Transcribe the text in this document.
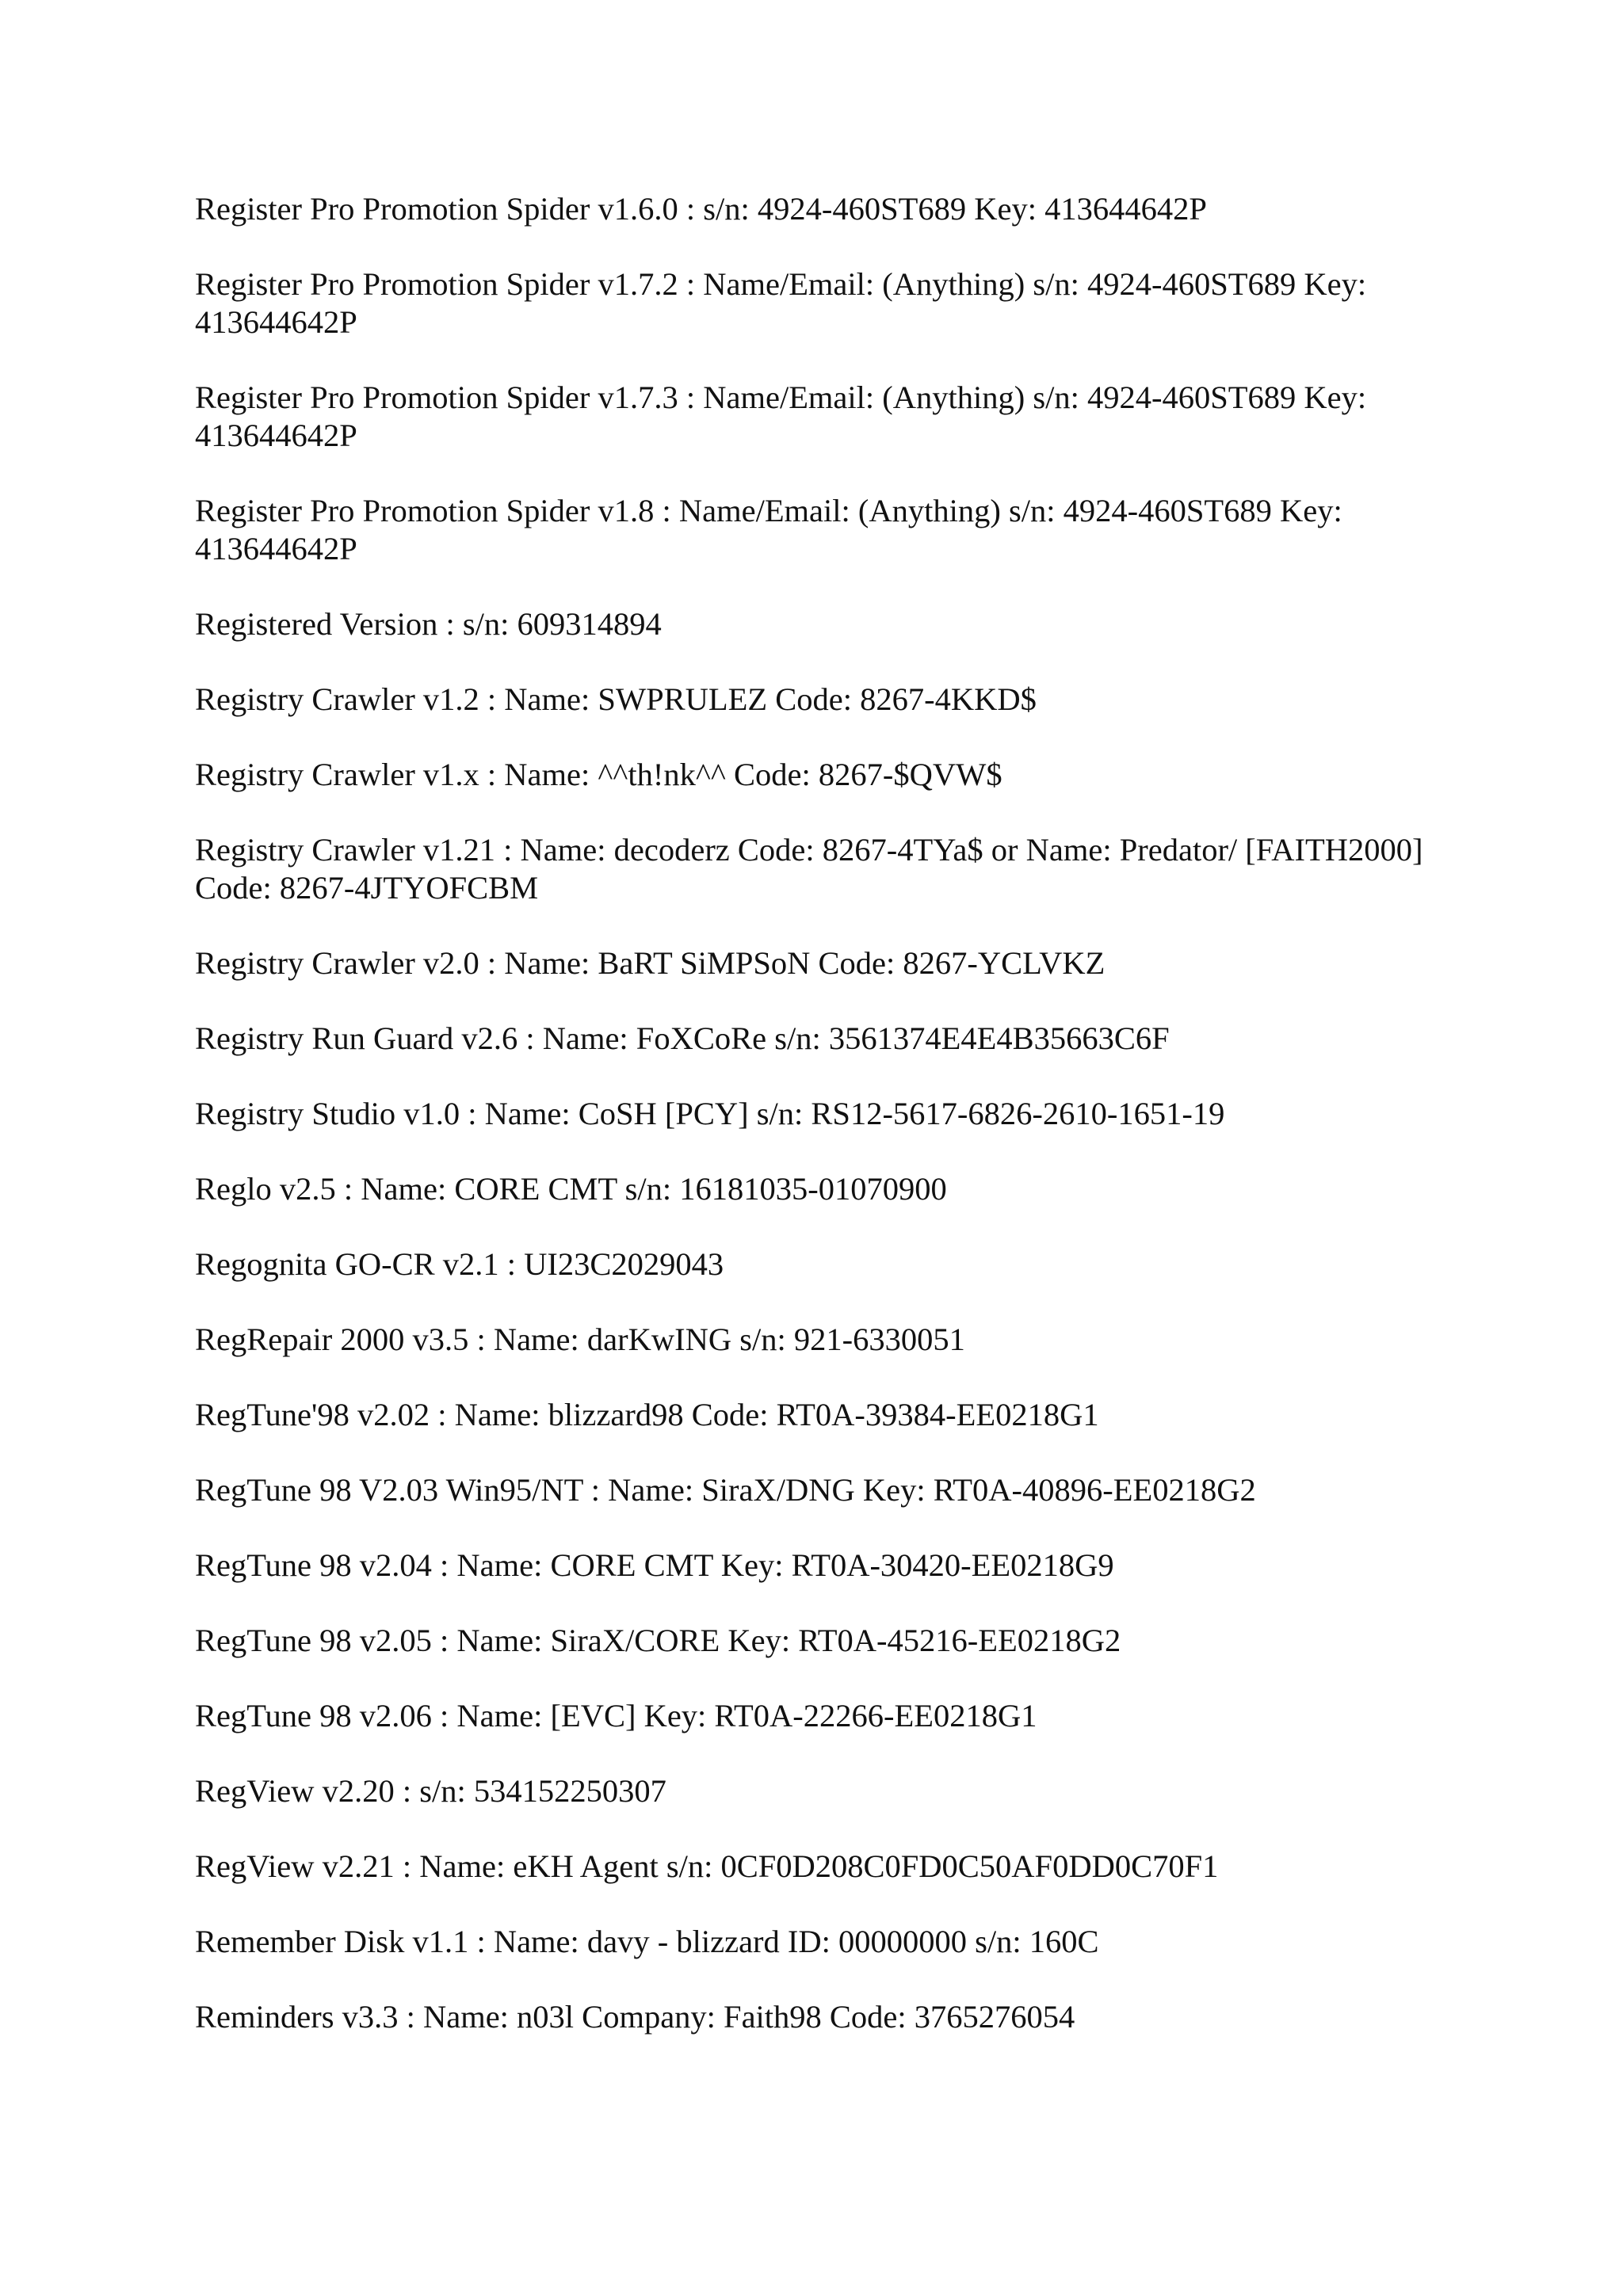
Register Pro Promotion Spider v1.6.0 : s/n: 4924-460ST689 Key: 413644642P

Register Pro Promotion Spider v1.7.2 : Name/Email: (Anything) s/n: 4924-460ST689 Key: 413644642P

Register Pro Promotion Spider v1.7.3 : Name/Email: (Anything) s/n: 4924-460ST689 Key: 413644642P

Register Pro Promotion Spider v1.8 : Name/Email: (Anything) s/n: 4924-460ST689 Key: 413644642P

Registered Version : s/n: 609314894

Registry Crawler v1.2 : Name: SWPRULEZ Code: 8267-4KKD$

Registry Crawler v1.x : Name: ^^th!nk^^ Code: 8267-$QVW$

Registry Crawler v1.21 : Name: decoderz Code: 8267-4TYa$ or Name: Predator/ [FAITH2000] Code: 8267-4JTYOFCBM

Registry Crawler v2.0 : Name: BaRT SiMPSoN Code: 8267-YCLVKZ

Registry Run Guard v2.6 : Name: FoXCoRe s/n: 3561374E4E4B35663C6F

Registry Studio v1.0 : Name: CoSH [PCY] s/n: RS12-5617-6826-2610-1651-19

Reglo v2.5 : Name: CORE CMT s/n: 16181035-01070900

Regognita GO-CR v2.1 : UI23C2029043

RegRepair 2000 v3.5 : Name: darKwING s/n: 921-6330051

RegTune'98 v2.02 : Name: blizzard98 Code: RT0A-39384-EE0218G1

RegTune 98 V2.03 Win95/NT : Name: SiraX/DNG Key: RT0A-40896-EE0218G2

RegTune 98 v2.04 : Name: CORE CMT Key: RT0A-30420-EE0218G9

RegTune 98 v2.05 : Name: SiraX/CORE Key: RT0A-45216-EE0218G2

RegTune 98 v2.06 : Name: [EVC] Key: RT0A-22266-EE0218G1

RegView v2.20 : s/n: 534152250307

RegView v2.21 : Name: eKH Agent s/n: 0CF0D208C0FD0C50AF0DD0C70F1

Remember Disk v1.1 : Name: davy - blizzard ID: 00000000 s/n: 160C

Reminders v3.3 : Name: n03l Company: Faith98 Code: 3765276054
